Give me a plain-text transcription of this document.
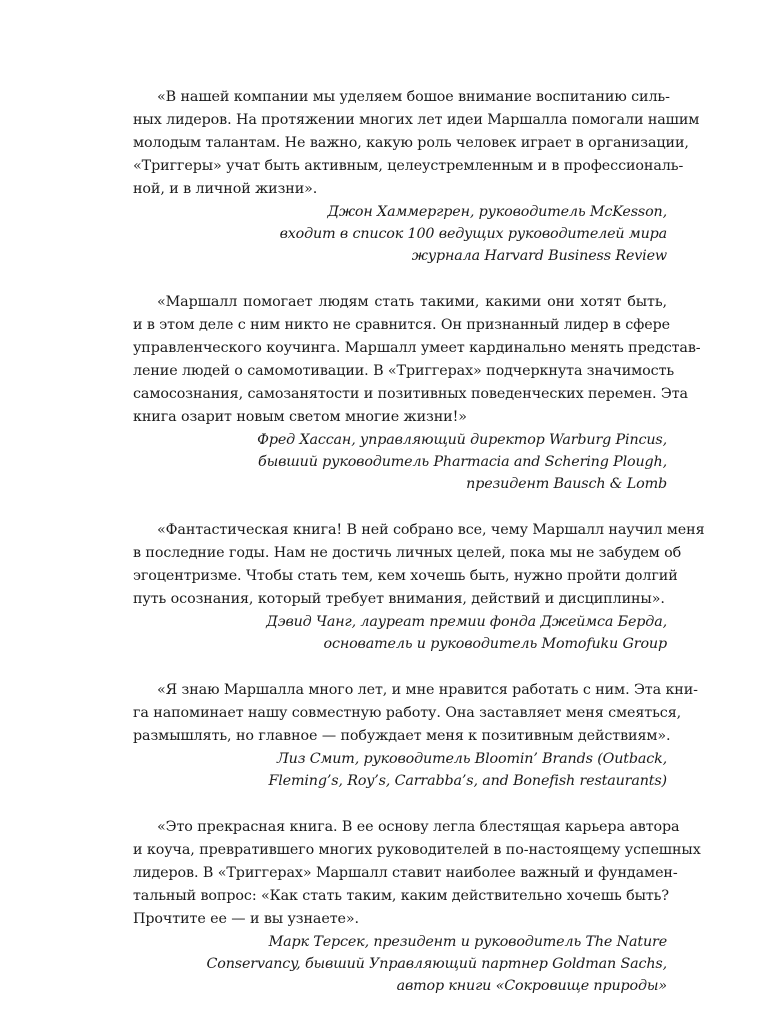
«В нашей компании мы уделяем бошое внимание воспитанию силь-
ных лидеров. На протяжении многих лет идеи Маршалла помогали нашим
молодым талантам. Не важно, какую роль человек играет в организации,
«Триггеры» учат быть активным, целеустремленным и в профессиональ-
ной, и в личной жизни».
Джон Хаммергрен, руководитель McKesson,
входит в список 100 ведущих руководителей мира
журнала Harvard Business Review
«Маршалл помогает людям стать такими, какими они хотят быть,
и в этом деле с ним никто не сравнится. Он признанный лидер в сфере
управленческого коучинга. Маршалл умеет кардинально менять представ-
ление людей о самомотивации. В «Триггерах» подчеркнута значимость
самосознания, самозанятости и позитивных поведенческих перемен. Эта
книга озарит новым светом многие жизни!»
Фред Хассан, управляющий директор Warburg Pincus,
бывший руководитель Pharmacia and Schering Plough,
президент Bausch & Lomb
«Фантастическая книга! В ней собрано все, чему Маршалл научил меня
в последние годы. Нам не достичь личных целей, пока мы не забудем об
эгоцентризме. Чтобы стать тем, кем хочешь быть, нужно пройти долгий
путь осознания, который требует внимания, действий и дисциплины».
Дэвид Чанг, лауреат премии фонда Джеймса Берда,
основатель и руководитель Momofuku Group
«Я знаю Маршалла много лет, и мне нравится работать с ним. Эта кни-
га напоминает нашу совместную работу. Она заставляет меня смеяться,
размышлять, но главное — побуждает меня к позитивным действиям».
Лиз Смит, руководитель Bloomin’ Brands (Outback,
Fleming’s, Roy’s, Carrabba’s, and Bonefish restaurants)
«Это прекрасная книга. В ее основу легла блестящая карьера автора
и коуча, превратившего многих руководителей в по-настоящему успешных
лидеров. В «Триггерах» Маршалл ставит наиболее важный и фундамен-
тальный вопрос: «Как стать таким, каким действительно хочешь быть?
Прочтите ее — и вы узнаете».
Марк Терсек, президент и руководитель The Nature
Conservancy, бывший Управляющий партнер Goldman Sachs,
автор книги «Сокровище природы»
